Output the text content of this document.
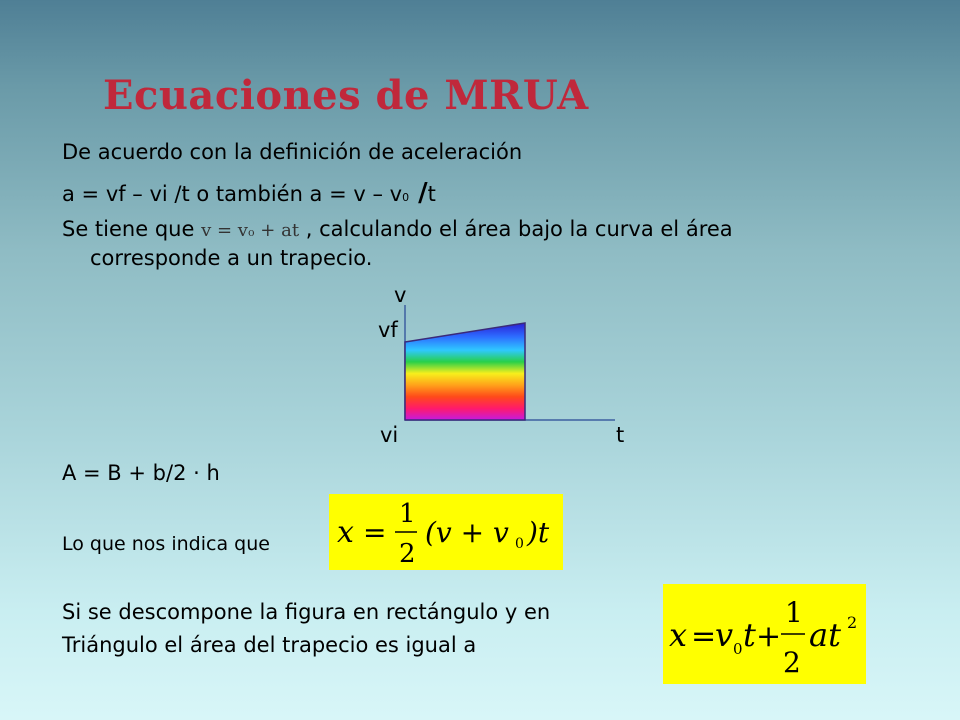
Ecuaciones de MRUA
De acuerdo con la definición de aceleración
a = vf – vi /t o también a = v – v0 /t
Se tiene que v = vo + at , calculando el área bajo la curva el área
corresponde a un trapecio.
v
vf
vi	t
A = B + b/2 · h
Lo que nos indica que x =
1
2
(v + v 0 )t
Si se descompone la figura en rectángulo y en
Triángulo el área del trapecio es igual a	x =
v 0 t +
1
2
at 2
